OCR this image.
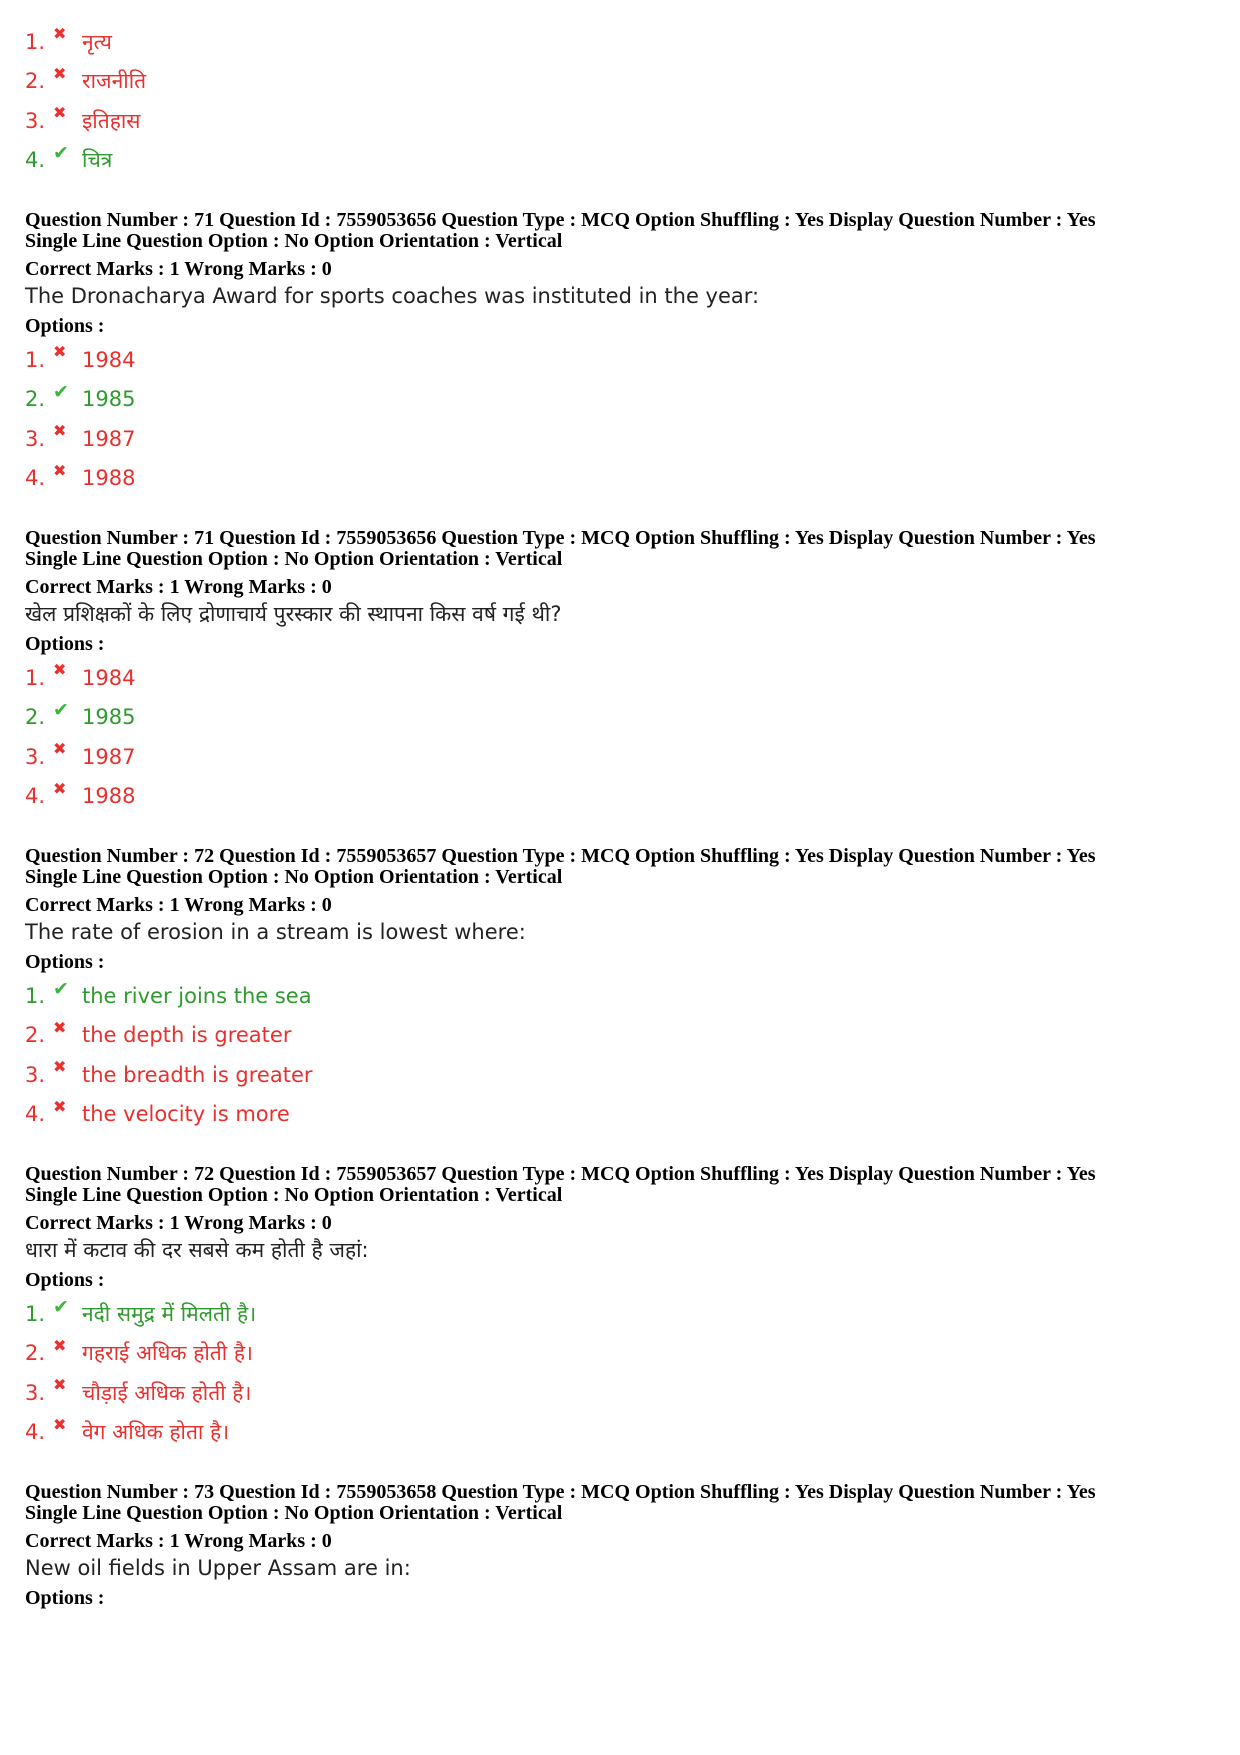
1. ✖ नृत्य
2. ✖ राजनीति
3. ✖ इतिहास
4. ✔ चित्र
Question Number : 71 Question Id : 7559053656 Question Type : MCQ Option Shuffling : Yes Display Question Number : Yes
Single Line Question Option : No Option Orientation : Vertical
Correct Marks : 1 Wrong Marks : 0
The Dronacharya Award for sports coaches was instituted in the year:
Options :
1. ✖ 1984
2. ✔ 1985
3. ✖ 1987
4. ✖ 1988
Question Number : 71 Question Id : 7559053656 Question Type : MCQ Option Shuffling : Yes Display Question Number : Yes
Single Line Question Option : No Option Orientation : Vertical
Correct Marks : 1 Wrong Marks : 0
खेल प्रशिक्षकों के लिए द्रोणाचार्य पुरस्कार की स्थापना किस वर्ष गई थी?
Options :
1. ✖ 1984
2. ✔ 1985
3. ✖ 1987
4. ✖ 1988
Question Number : 72 Question Id : 7559053657 Question Type : MCQ Option Shuffling : Yes Display Question Number : Yes
Single Line Question Option : No Option Orientation : Vertical
Correct Marks : 1 Wrong Marks : 0
The rate of erosion in a stream is lowest where:
Options :
1. ✔ the river joins the sea
2. ✖ the depth is greater
3. ✖ the breadth is greater
4. ✖ the velocity is more
Question Number : 72 Question Id : 7559053657 Question Type : MCQ Option Shuffling : Yes Display Question Number : Yes
Single Line Question Option : No Option Orientation : Vertical
Correct Marks : 1 Wrong Marks : 0
धारा में कटाव की दर सबसे कम होती है जहां:
Options :
1. ✔ नदी समुद्र में मिलती है।
2. ✖ गहराई अधिक होती है।
3. ✖ चौड़ाई अधिक होती है।
4. ✖ वेग अधिक होता है।
Question Number : 73 Question Id : 7559053658 Question Type : MCQ Option Shuffling : Yes Display Question Number : Yes
Single Line Question Option : No Option Orientation : Vertical
Correct Marks : 1 Wrong Marks : 0
New oil fields in Upper Assam are in:
Options :
